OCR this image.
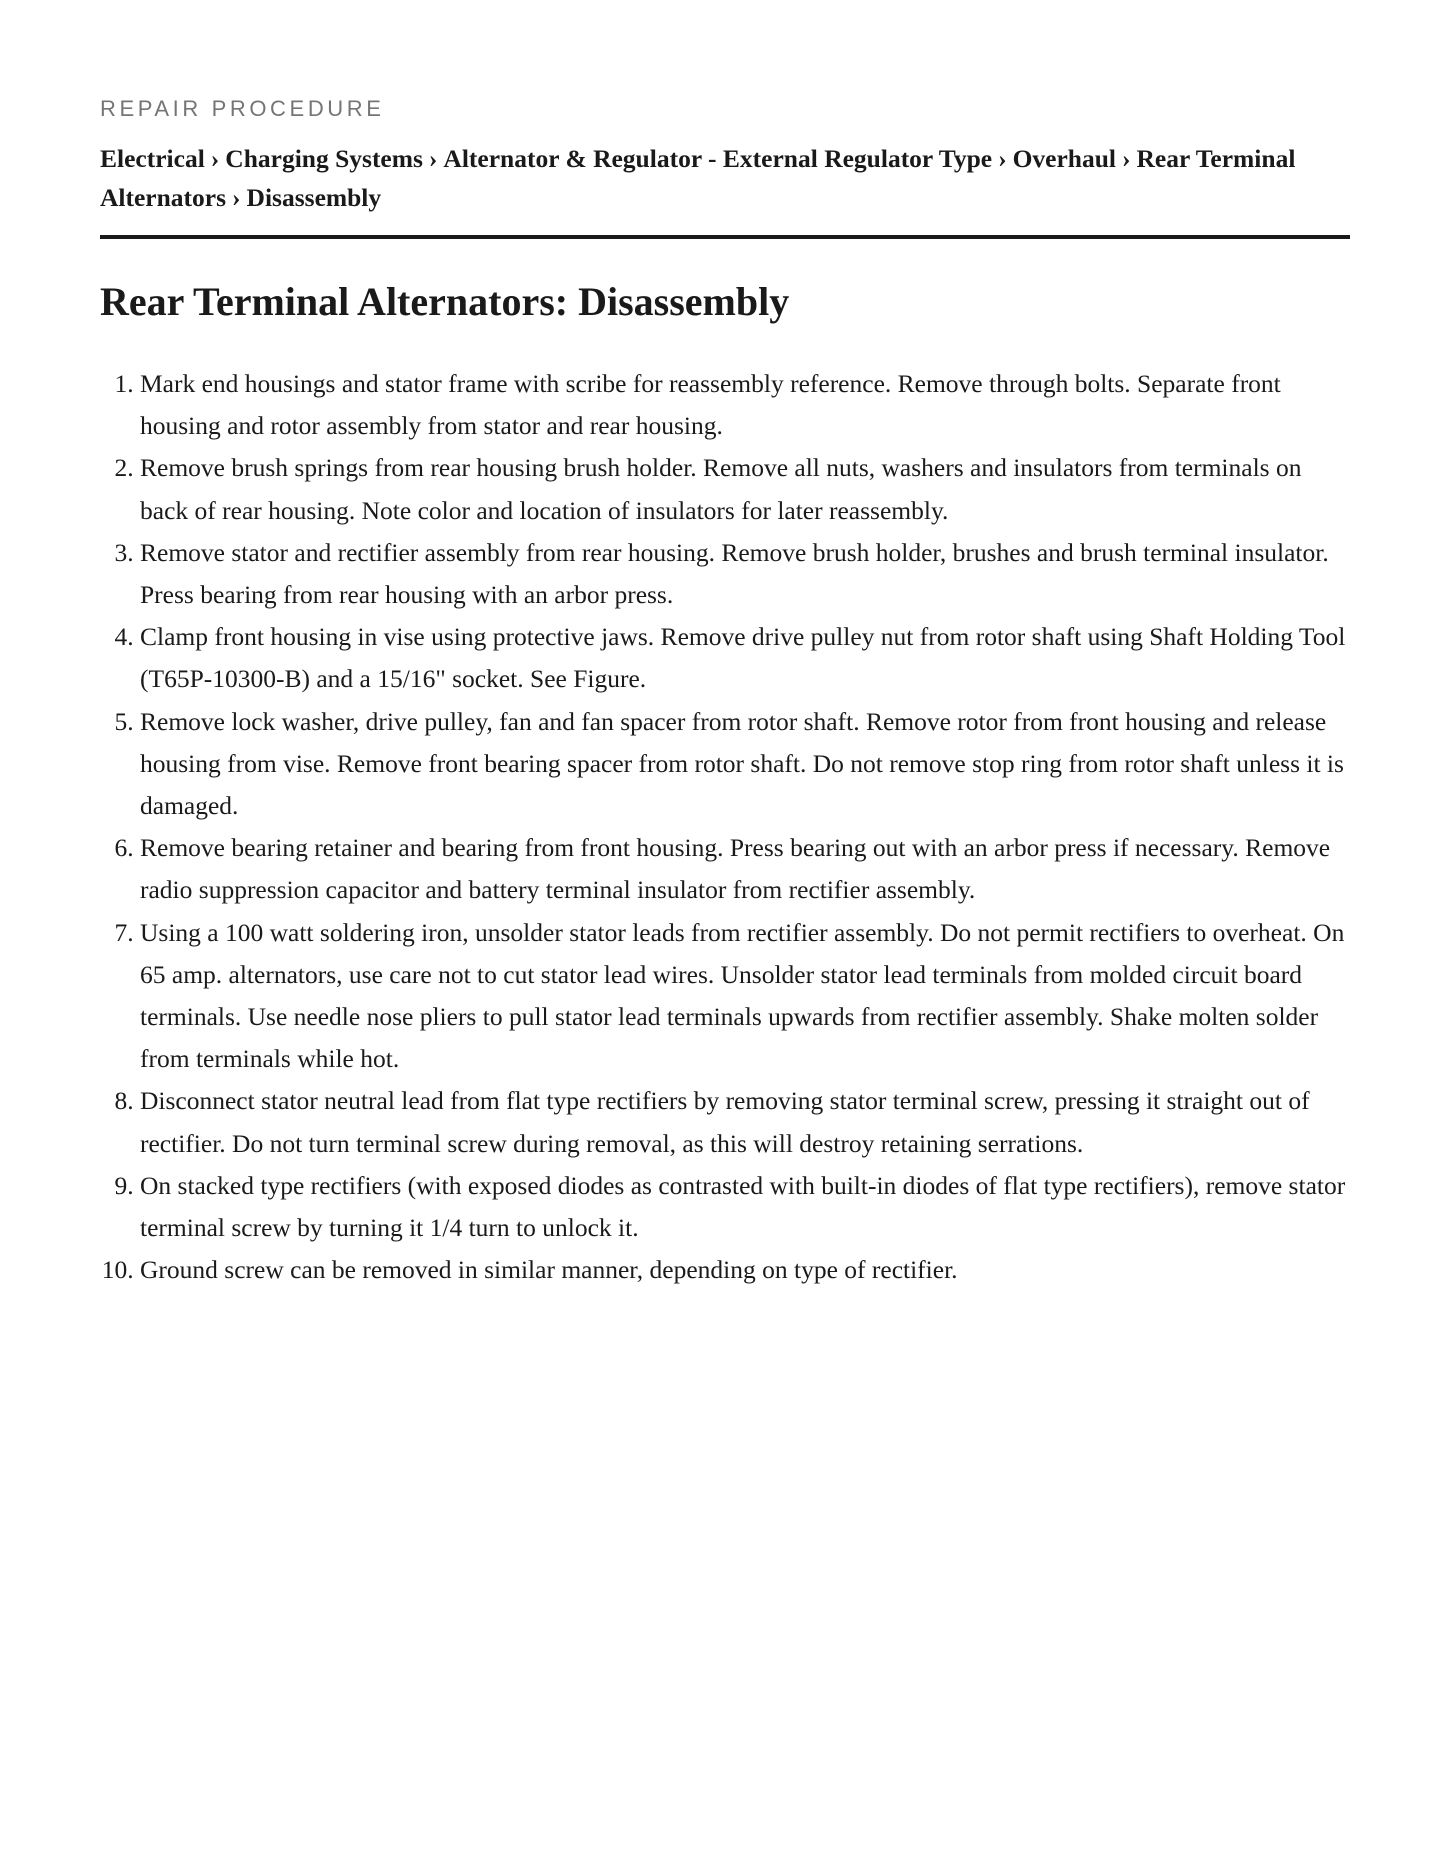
REPAIR PROCEDURE

Electrical › Charging Systems › Alternator & Regulator - External Regulator Type › Overhaul › Rear Terminal Alternators › Disassembly
Rear Terminal Alternators: Disassembly
1. Mark end housings and stator frame with scribe for reassembly reference. Remove through bolts. Separate front housing and rotor assembly from stator and rear housing.
2. Remove brush springs from rear housing brush holder. Remove all nuts, washers and insulators from terminals on back of rear housing. Note color and location of insulators for later reassembly.
3. Remove stator and rectifier assembly from rear housing. Remove brush holder, brushes and brush terminal insulator. Press bearing from rear housing with an arbor press.
4. Clamp front housing in vise using protective jaws. Remove drive pulley nut from rotor shaft using Shaft Holding Tool (T65P-10300-B) and a 15/16" socket. See Figure.
5. Remove lock washer, drive pulley, fan and fan spacer from rotor shaft. Remove rotor from front housing and release housing from vise. Remove front bearing spacer from rotor shaft. Do not remove stop ring from rotor shaft unless it is damaged.
6. Remove bearing retainer and bearing from front housing. Press bearing out with an arbor press if necessary. Remove radio suppression capacitor and battery terminal insulator from rectifier assembly.
7. Using a 100 watt soldering iron, unsolder stator leads from rectifier assembly. Do not permit rectifiers to overheat. On 65 amp. alternators, use care not to cut stator lead wires. Unsolder stator lead terminals from molded circuit board terminals. Use needle nose pliers to pull stator lead terminals upwards from rectifier assembly. Shake molten solder from terminals while hot.
8. Disconnect stator neutral lead from flat type rectifiers by removing stator terminal screw, pressing it straight out of rectifier. Do not turn terminal screw during removal, as this will destroy retaining serrations.
9. On stacked type rectifiers (with exposed diodes as contrasted with built-in diodes of flat type rectifiers), remove stator terminal screw by turning it 1/4 turn to unlock it.
10. Ground screw can be removed in similar manner, depending on type of rectifier.
